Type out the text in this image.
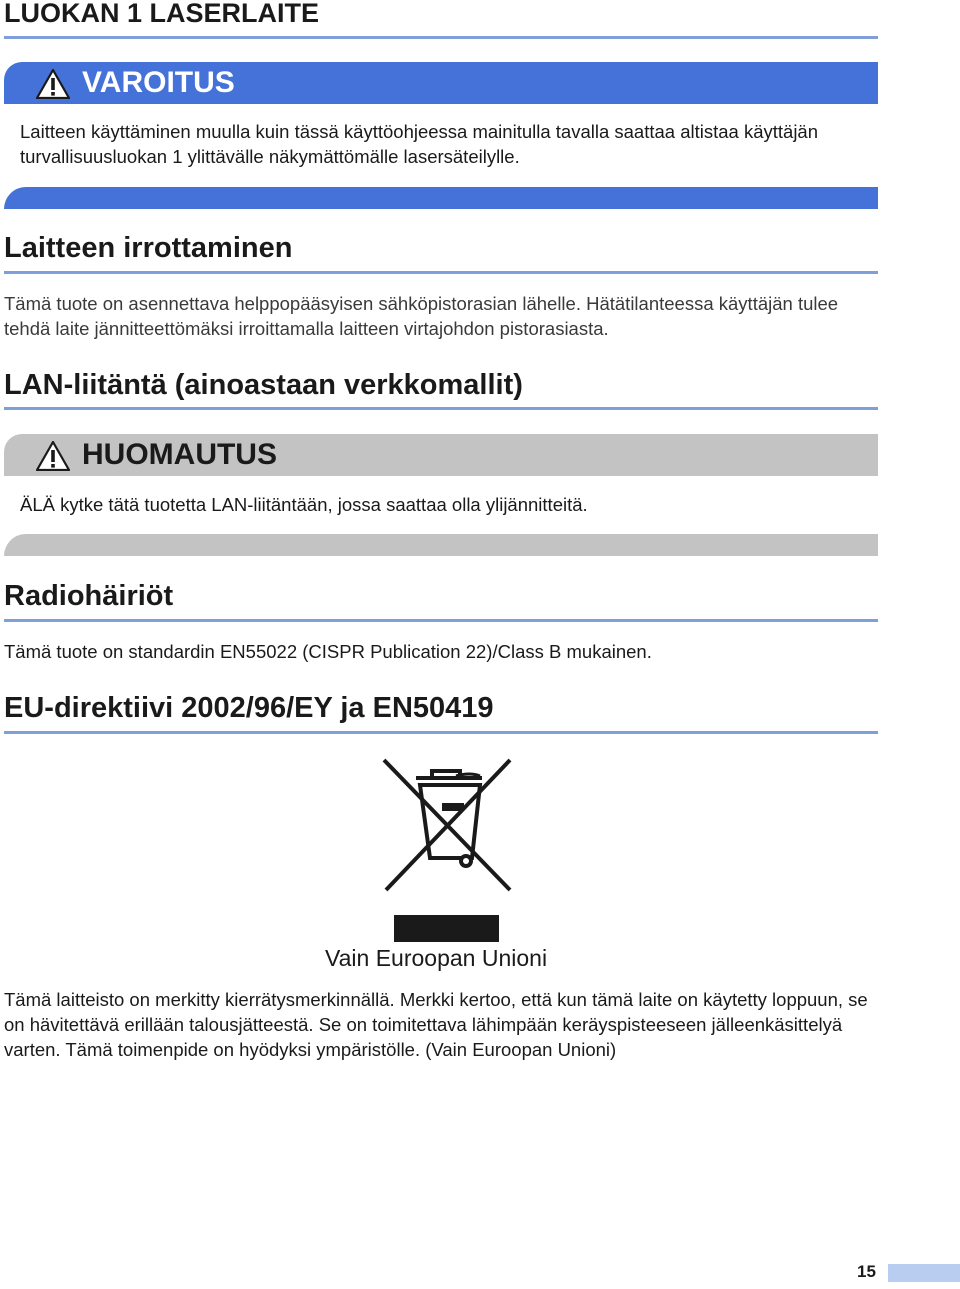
LUOKAN 1 LASERLAITE
VAROITUS
Laitteen käyttäminen muulla kuin tässä käyttöohjeessa mainitulla tavalla saattaa altistaa käyttäjän turvallisuusluokan 1 ylittävälle näkymättömälle lasersäteilylle.
Laitteen irrottaminen
Tämä tuote on asennettava helppopääsyisen sähköpistorasian lähelle. Hätätilanteessa käyttäjän tulee tehdä laite jännitteettömäksi irroittamalla laitteen virtajohdon pistorasiasta.
LAN-liitäntä (ainoastaan verkkomallit)
HUOMAUTUS
ÄLÄ kytke tätä tuotetta LAN-liitäntään, jossa saattaa olla ylijännitteitä.
Radiohäiriöt
Tämä tuote on standardin EN55022 (CISPR Publication 22)/Class B mukainen.
EU-direktiivi 2002/96/EY ja EN50419
Vain Euroopan Unioni
Tämä laitteisto on merkitty kierrätysmerkinnällä. Merkki kertoo, että kun tämä laite on käytetty loppuun, se on hävitettävä erillään talousjätteestä. Se on toimitettava lähimpään keräyspisteeseen jälleenkäsittelyä varten. Tämä toimenpide on hyödyksi ympäristölle. (Vain Euroopan Unioni)
15
